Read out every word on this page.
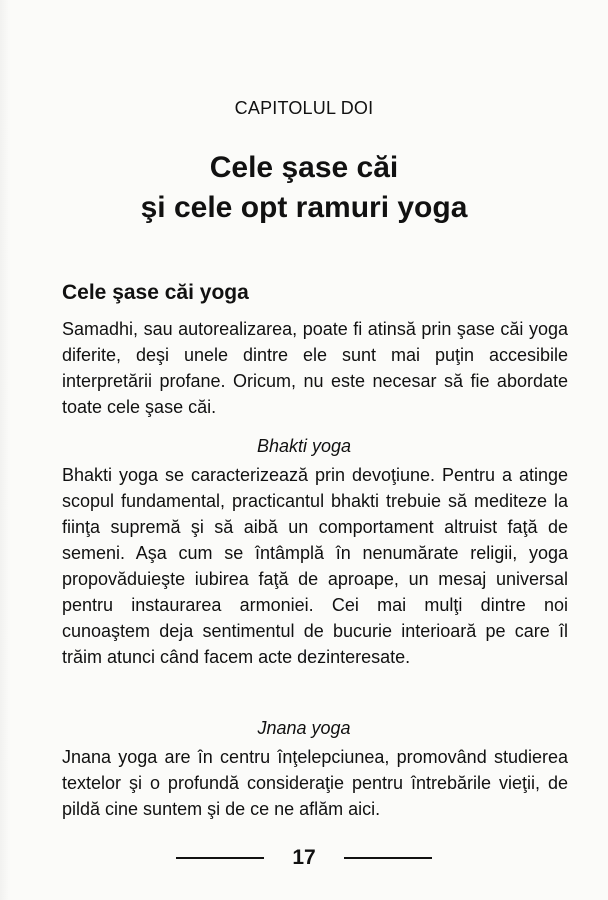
CAPITOLUL DOI
Cele şase căi
şi cele opt ramuri yoga
Cele şase căi yoga

Samadhi, sau autorealizarea, poate fi atinsă prin şase căi yoga diferite, deşi unele dintre ele sunt mai puţin accesibile interpretării profane. Oricum, nu este necesar să fie abordate toate cele şase căi.

Bhakti yoga

Bhakti yoga se caracterizează prin devoţiune. Pentru a atinge scopul fundamental, practicantul bhakti trebuie să mediteze la fiinţa supremă şi să aibă un comportament altruist faţă de semeni. Aşa cum se întâmplă în nenumărate religii, yoga propovăduieşte iubirea faţă de aproape, un mesaj universal pentru instaurarea armoniei. Cei mai mulţi dintre noi cunoaştem deja sentimentul de bucurie interioară pe care îl trăim atunci când facem acte dezinteresate.

Jnana yoga

Jnana yoga are în centru înţelepciunea, promovând studierea textelor şi o profundă consideraţie pentru întrebările vieţii, de pildă cine suntem şi de ce ne aflăm aici.

17
